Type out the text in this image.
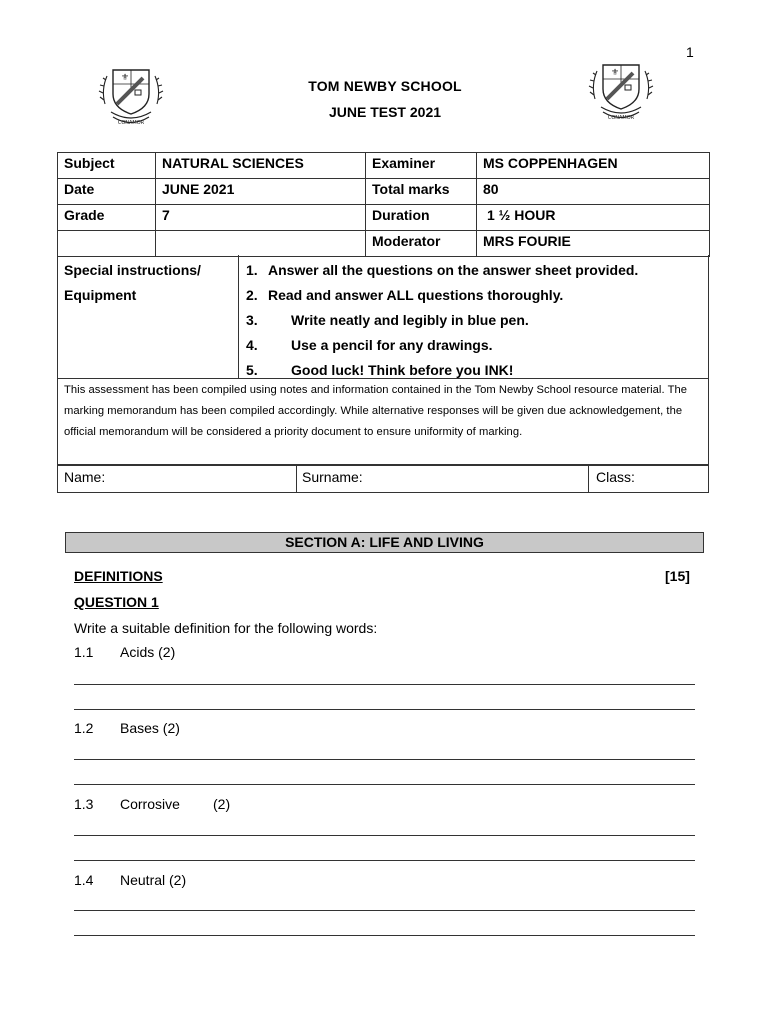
1
⚜
CONAMOR
⚜
CONAMOR
TOM NEWBY SCHOOL
JUNE TEST 2021
Subject	NATURAL SCIENCES	Examiner	MS COPPENHAGEN
Date	JUNE 2021	Total marks	80
Grade	7	Duration	1 ½ HOUR
		Moderator	MRS FOURIE
Special instructions/
Equipment
1. Answer all the questions on the answer sheet provided.
2. Read and answer ALL questions thoroughly.
3. Write neatly and legibly in blue pen.
4. Use a pencil for any drawings.
5. Good luck! Think before you INK!
This assessment has been compiled using notes and information contained in the Tom Newby School resource material. The marking memorandum has been compiled accordingly. While alternative responses will be given due acknowledgement, the official memorandum will be considered a priority document to ensure uniformity of marking.
Name:	Surname:	Class:
SECTION A: LIFE AND LIVING
DEFINITIONS	[15]
QUESTION 1
Write a suitable definition for the following words:
1.1 Acids (2)
1.2 Bases (2)
1.3 Corrosive (2)
1.4 Neutral (2)
